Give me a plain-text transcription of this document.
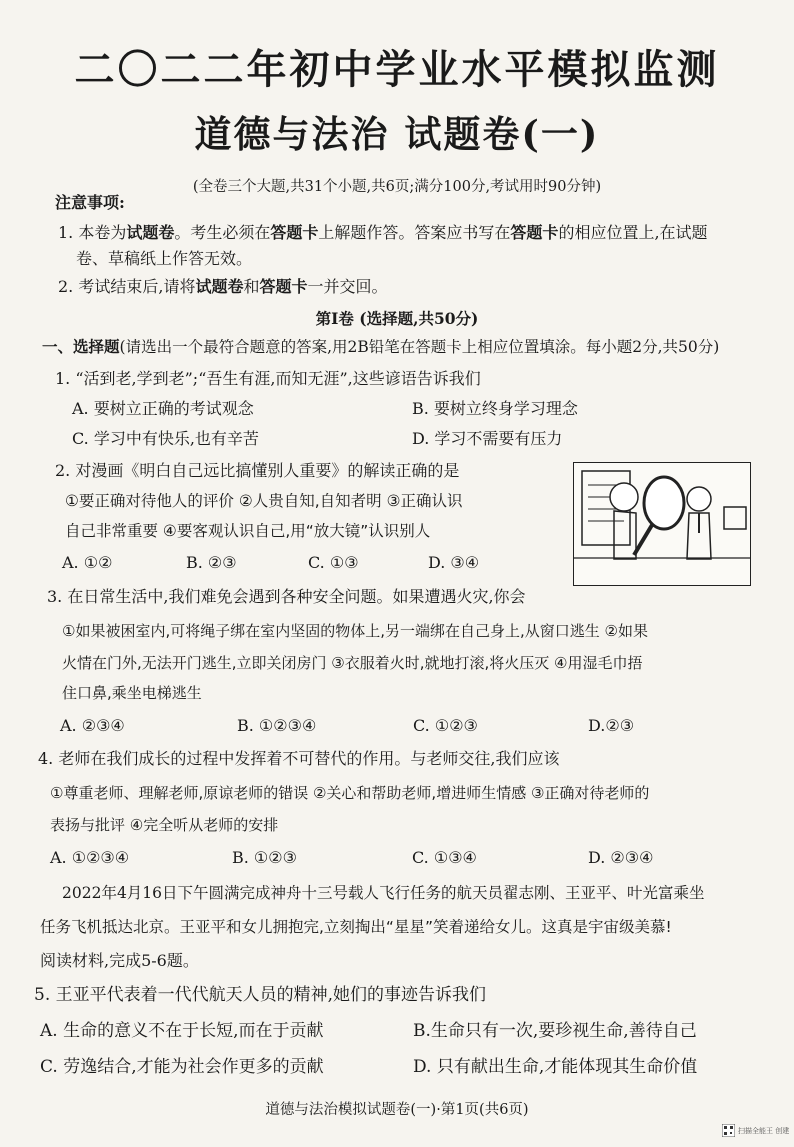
二〇二二年初中学业水平模拟监测
道德与法治 试题卷(一)
(全卷三个大题,共31个小题,共6页;满分100分,考试用时90分钟)
注意事项:
1. 本卷为试题卷。考生必须在答题卡上解题作答。答案应书写在答题卡的相应位置上,在试题
卷、草稿纸上作答无效。
2. 考试结束后,请将试题卷和答题卡一并交回。
第Ⅰ卷 (选择题,共50分)
一、选择题(请选出一个最符合题意的答案,用2B铅笔在答题卡上相应位置填涂。每小题2分,共50分)
1. “活到老,学到老”;“吾生有涯,而知无涯”,这些谚语告诉我们
A. 要树立正确的考试观念	B. 要树立终身学习理念
C. 学习中有快乐,也有辛苦	D. 学习不需要有压力
2. 对漫画《明白自己远比搞懂别人重要》的解读正确的是
①要正确对待他人的评价 ②人贵自知,自知者明 ③正确认识
自己非常重要 ④要客观认识自己,用“放大镜”认识别人
A. ①②	B. ②③	C. ①③	D. ③④
3. 在日常生活中,我们难免会遇到各种安全问题。如果遭遇火灾,你会
①如果被困室内,可将绳子绑在室内坚固的物体上,另一端绑在自己身上,从窗口逃生 ②如果
火情在门外,无法开门逃生,立即关闭房门 ③衣服着火时,就地打滚,将火压灭 ④用湿毛巾捂
住口鼻,乘坐电梯逃生
A. ②③④	B. ①②③④	C. ①②③	D.②③
4. 老师在我们成长的过程中发挥着不可替代的作用。与老师交往,我们应该
①尊重老师、理解老师,原谅老师的错误 ②关心和帮助老师,增进师生情感 ③正确对待老师的
表扬与批评 ④完全听从老师的安排
A. ①②③④	B. ①②③	C. ①③④	D. ②③④
2022年4月16日下午圆满完成神舟十三号载人飞行任务的航天员翟志刚、王亚平、叶光富乘坐
任务飞机抵达北京。王亚平和女儿拥抱完,立刻掏出“星星”笑着递给女儿。这真是宇宙级美慕!
阅读材料,完成5-6题。
5. 王亚平代表着一代代航天人员的精神,她们的事迹告诉我们
A. 生命的意义不在于长短,而在于贡献	B.生命只有一次,要珍视生命,善待自己
C. 劳逸结合,才能为社会作更多的贡献	D. 只有献出生命,才能体现其生命价值
道德与法治模拟试题卷(一)·第1页(共6页)
扫描全能王 创建
